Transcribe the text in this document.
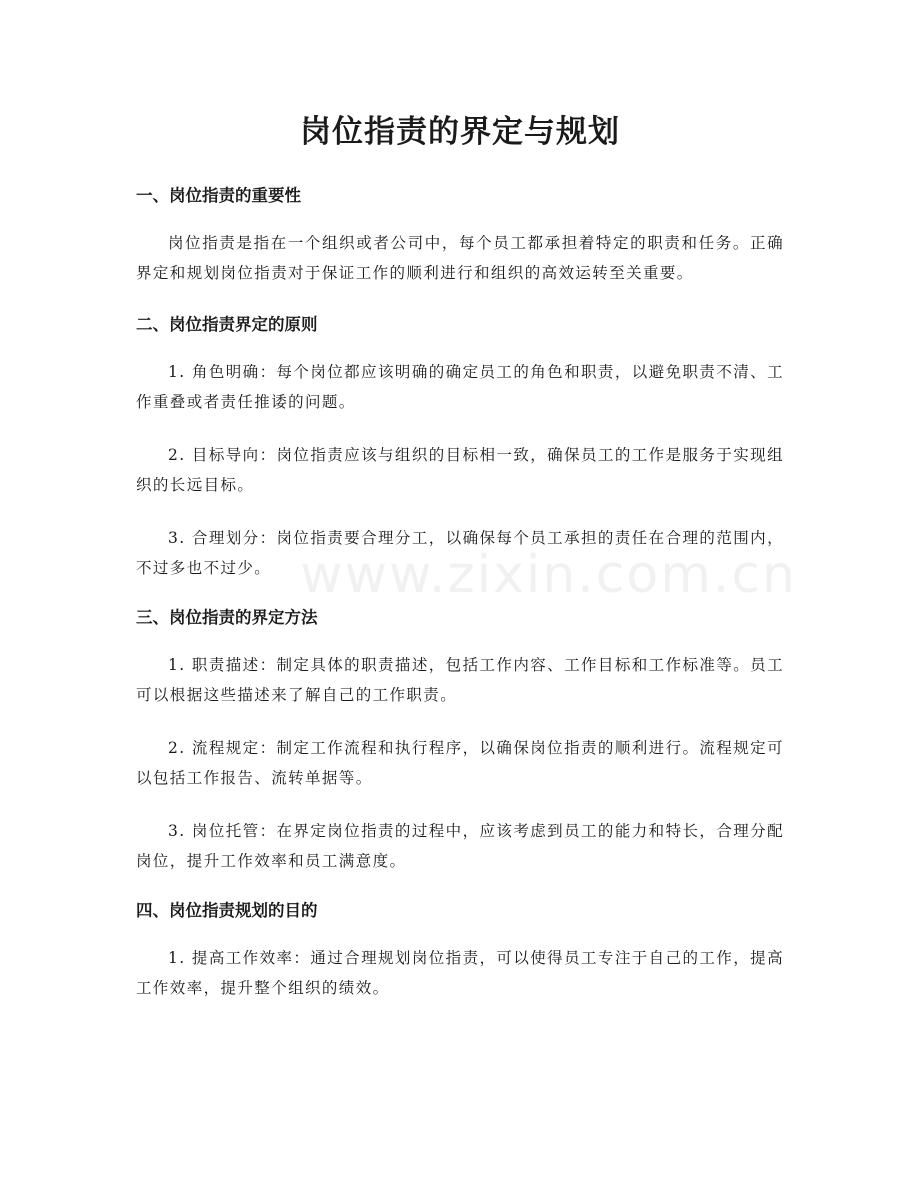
岗位指责的界定与规划
www.zixin.com.cn
一、岗位指责的重要性

岗位指责是指在一个组织或者公司中，每个员工都承担着特定的职责和任务。正确界定和规划岗位指责对于保证工作的顺利进行和组织的高效运转至关重要。

二、岗位指责界定的原则

1. 角色明确：每个岗位都应该明确的确定员工的角色和职责，以避免职责不清、工作重叠或者责任推诿的问题。

2. 目标导向：岗位指责应该与组织的目标相一致，确保员工的工作是服务于实现组织的长远目标。

3. 合理划分：岗位指责要合理分工，以确保每个员工承担的责任在合理的范围内，不过多也不过少。

三、岗位指责的界定方法

1. 职责描述：制定具体的职责描述，包括工作内容、工作目标和工作标准等。员工可以根据这些描述来了解自己的工作职责。

2. 流程规定：制定工作流程和执行程序，以确保岗位指责的顺利进行。流程规定可以包括工作报告、流转单据等。

3. 岗位托管：在界定岗位指责的过程中，应该考虑到员工的能力和特长，合理分配岗位，提升工作效率和员工满意度。

四、岗位指责规划的目的

1. 提高工作效率：通过合理规划岗位指责，可以使得员工专注于自己的工作，提高工作效率，提升整个组织的绩效。
